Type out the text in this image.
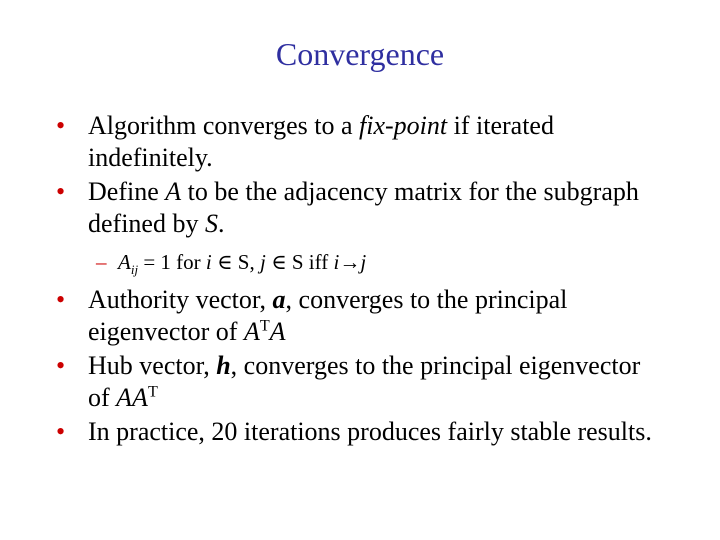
Convergence
• Algorithm converges to a fix-point if iterated indefinitely.
• Define A to be the adjacency matrix for the subgraph defined by S.
– $A_{ij} = 1$ for i ∈ S, j ∈ S iff i→j
• Authority vector, a, converges to the principal eigenvector of $A^TA$
• Hub vector, h, converges to the principal eigenvector of $AA^T$
• In practice, 20 iterations produces fairly stable results.
